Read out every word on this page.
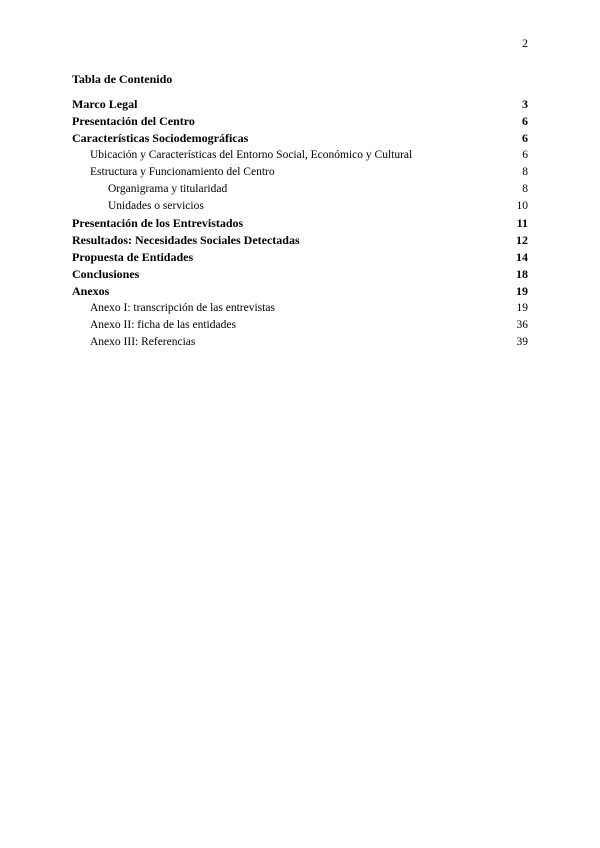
2
Tabla de Contenido
Marco Legal	3
Presentación del Centro	6
Características Sociodemográficas	6
Ubicación y Características del Entorno Social, Económico y Cultural	6
Estructura y Funcionamiento del Centro	8
Organigrama y titularidad	8
Unidades o servicios	10
Presentación de los Entrevistados	11
Resultados: Necesidades Sociales Detectadas	12
Propuesta de Entidades	14
Conclusiones	18
Anexos	19
Anexo I: transcripción de las entrevistas	19
Anexo II: ficha de las entidades	36
Anexo III: Referencias	39
